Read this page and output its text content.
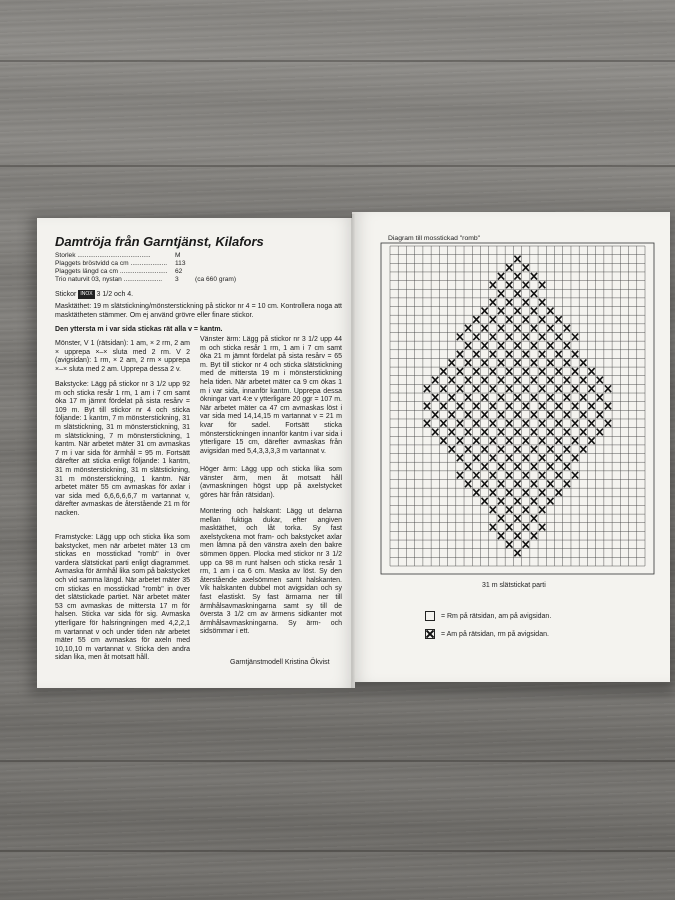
Damtröja från Garntjänst, Kilafors
Storlek ........................................	M
Plaggets bröstvidd ca cm .................... 113
Plaggets längd ca cm .......................... 62
Trio naturvit 03, nystan ..................... 3 (ca 660 gram)
Stickor INOX 3 1/2 och 4.
Masktäthet: 19 m slätstickning/mönsterstickning på stickor nr 4 = 10 cm. Kontrollera noga att masktätheten stämmer. Om ej använd grövre eller finare stickor.
Den yttersta m i var sida stickas rät alla v = kantm.
Mönster, V 1 (rätsidan): 1 am, × 2 rm, 2 am × upprepa ×–× sluta med 2 rm. V 2 (avigsidan): 1 rm, × 2 am, 2 rm × upprepa ×–× sluta med 2 am. Upprepa dessa 2 v.
Bakstycke: Lägg på stickor nr 3 1/2 upp 92 m och sticka resår 1 rm, 1 am i 7 cm samt öka 17 m jämnt fördelat på sista resårv = 109 m. Byt till stickor nr 4 och sticka följande: 1 kantm, 7 m mönsterstickning, 31 m slätstickning, 31 m mönsterstickning, 31 m slätstickning, 7 m mönsterstickning, 1 kantm. När arbetet mäter 31 cm avmaskas 7 m i var sida för ärmhål = 95 m. Fortsätt därefter att sticka enligt följande: 1 kantm, 31 m mönsterstickning, 31 m slätstickning, 31 m mönsterstickning, 1 kantm. När arbetet mäter 55 cm avmaskas för axlar i var sida med 6,6,6,6,6,7 m vartannat v, därefter avmaskas de återstående 21 m för nacken.
Framstycke: Lägg upp och sticka lika som bakstycket, men när arbetet mäter 13 cm stickas en mosstickad "romb" in över vardera slätstickat parti enligt diagrammet. Avmaska för ärmhål lika som på bakstycket och vid samma längd. När arbetet mäter 35 cm stickas en mosstickad "romb" in över det slätstickade partiet. När arbetet mäter 53 cm avmaskas de mittersta 17 m för halsen. Sticka var sida för sig. Avmaska ytterligare för halsringningen med 4,2,2,1 m vartannat v och under tiden när arbetet mäter 55 cm avmaskas för axeln med 10,10,10 m vartannat v. Sticka den andra sidan lika, men åt motsatt håll.
Vänster ärm: Lägg på stickor nr 3 1/2 upp 44 m och sticka resår 1 rm, 1 am i 7 cm samt öka 21 m jämnt fördelat på sista resårv = 65 m. Byt till stickor nr 4 och sticka slätstickning med de mittersta 19 m i mönsterstickning hela tiden. När arbetet mäter ca 9 cm ökas 1 m i var sida, innanför kantm. Upprepa dessa ökningar vart 4:e v ytterligare 20 ggr = 107 m. När arbetet mäter ca 47 cm avmaskas löst i var sida med 14,14,15 m vartannat v = 21 m kvar för sadel. Fortsätt sticka mönsterstickningen innanför kantm i var sida i ytterligare 15 cm, därefter avmaskas från avigsidan med 5,4,3,3,3,3 m vartannat v.
Höger ärm: Lägg upp och sticka lika som vänster ärm, men åt motsatt håll (avmaskningen högst upp på axelstycket göres här från rätsidan).
Montering och halskant: Lägg ut delarna mellan fuktiga dukar, efter angiven masktäthet, och låt torka. Sy fast axelstyckena mot fram- och bakstycket axlar men lämna på den vänstra axeln den bakre sömmen öppen. Plocka med stickor nr 3 1/2 upp ca 98 m runt halsen och sticka resår 1 rm, 1 am i ca 6 cm. Maska av löst. Sy den återstående axelsömmen samt halskanten. Vik halskanten dubbel mot avigsidan och sy fast elastiskt. Sy fast ärmarna ner till ärmhålsavmaskningarna samt sy till de översta 3 1/2 cm av ärmens sidkanter mot ärmhålsavmaskningarna. Sy ärm- och sidsömmar i ett.
Garntjänstmodell Kristina Ökvist
Diagram till mosstickad "romb"
31 m slätstickat parti
= Rm på rätsidan, am på avigsidan.
= Am på rätsidan, rm på avigsidan.
